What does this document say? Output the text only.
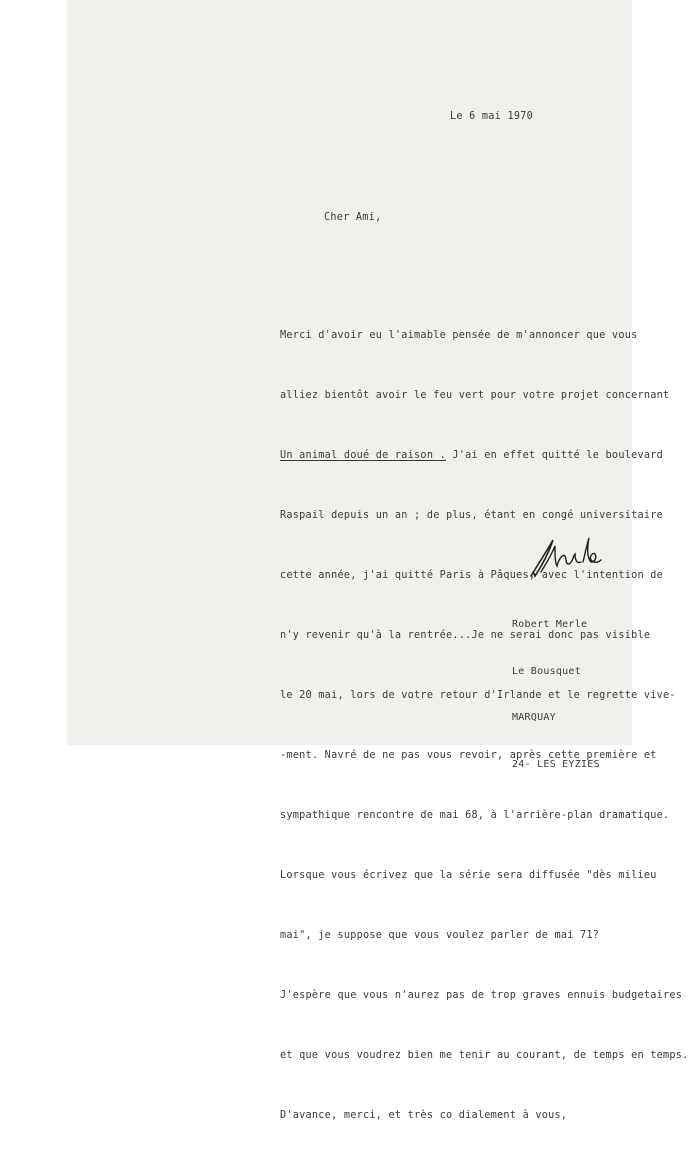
Le 6 mai 1970
Cher Ami,

Merci d'avoir eu l'aimable pensée de m'annoncer que vous

alliez bientôt avoir le feu vert pour votre projet concernant

Un animal doué de raison . J'ai en effet quitté le boulevard

Raspail depuis un an ; de plus, étant en congé universitaire

cette année, j'ai quitté Paris à Pâques, avec l'intention de

n'y revenir qu'à la rentrée...Je ne serai donc pas visible

le 20 mai, lors de votre retour d'Irlande et le regrette vive-

-ment. Navré de ne pas vous revoir, après cette première et

sympathique rencontre de mai 68, à l'arrière-plan dramatique.

Lorsque vous écrivez que la série sera diffusée "dès milieu

mai", je suppose que vous voulez parler de mai 71?

J'espère que vous n'aurez pas de trop graves ennuis budgetaires

et que vous voudrez bien me tenir au courant, de temps en temps.

D'avance, merci, et très co dialement à vous,

Robert Merle

Le Bousquet

MARQUAY

24- LES EYZIES
